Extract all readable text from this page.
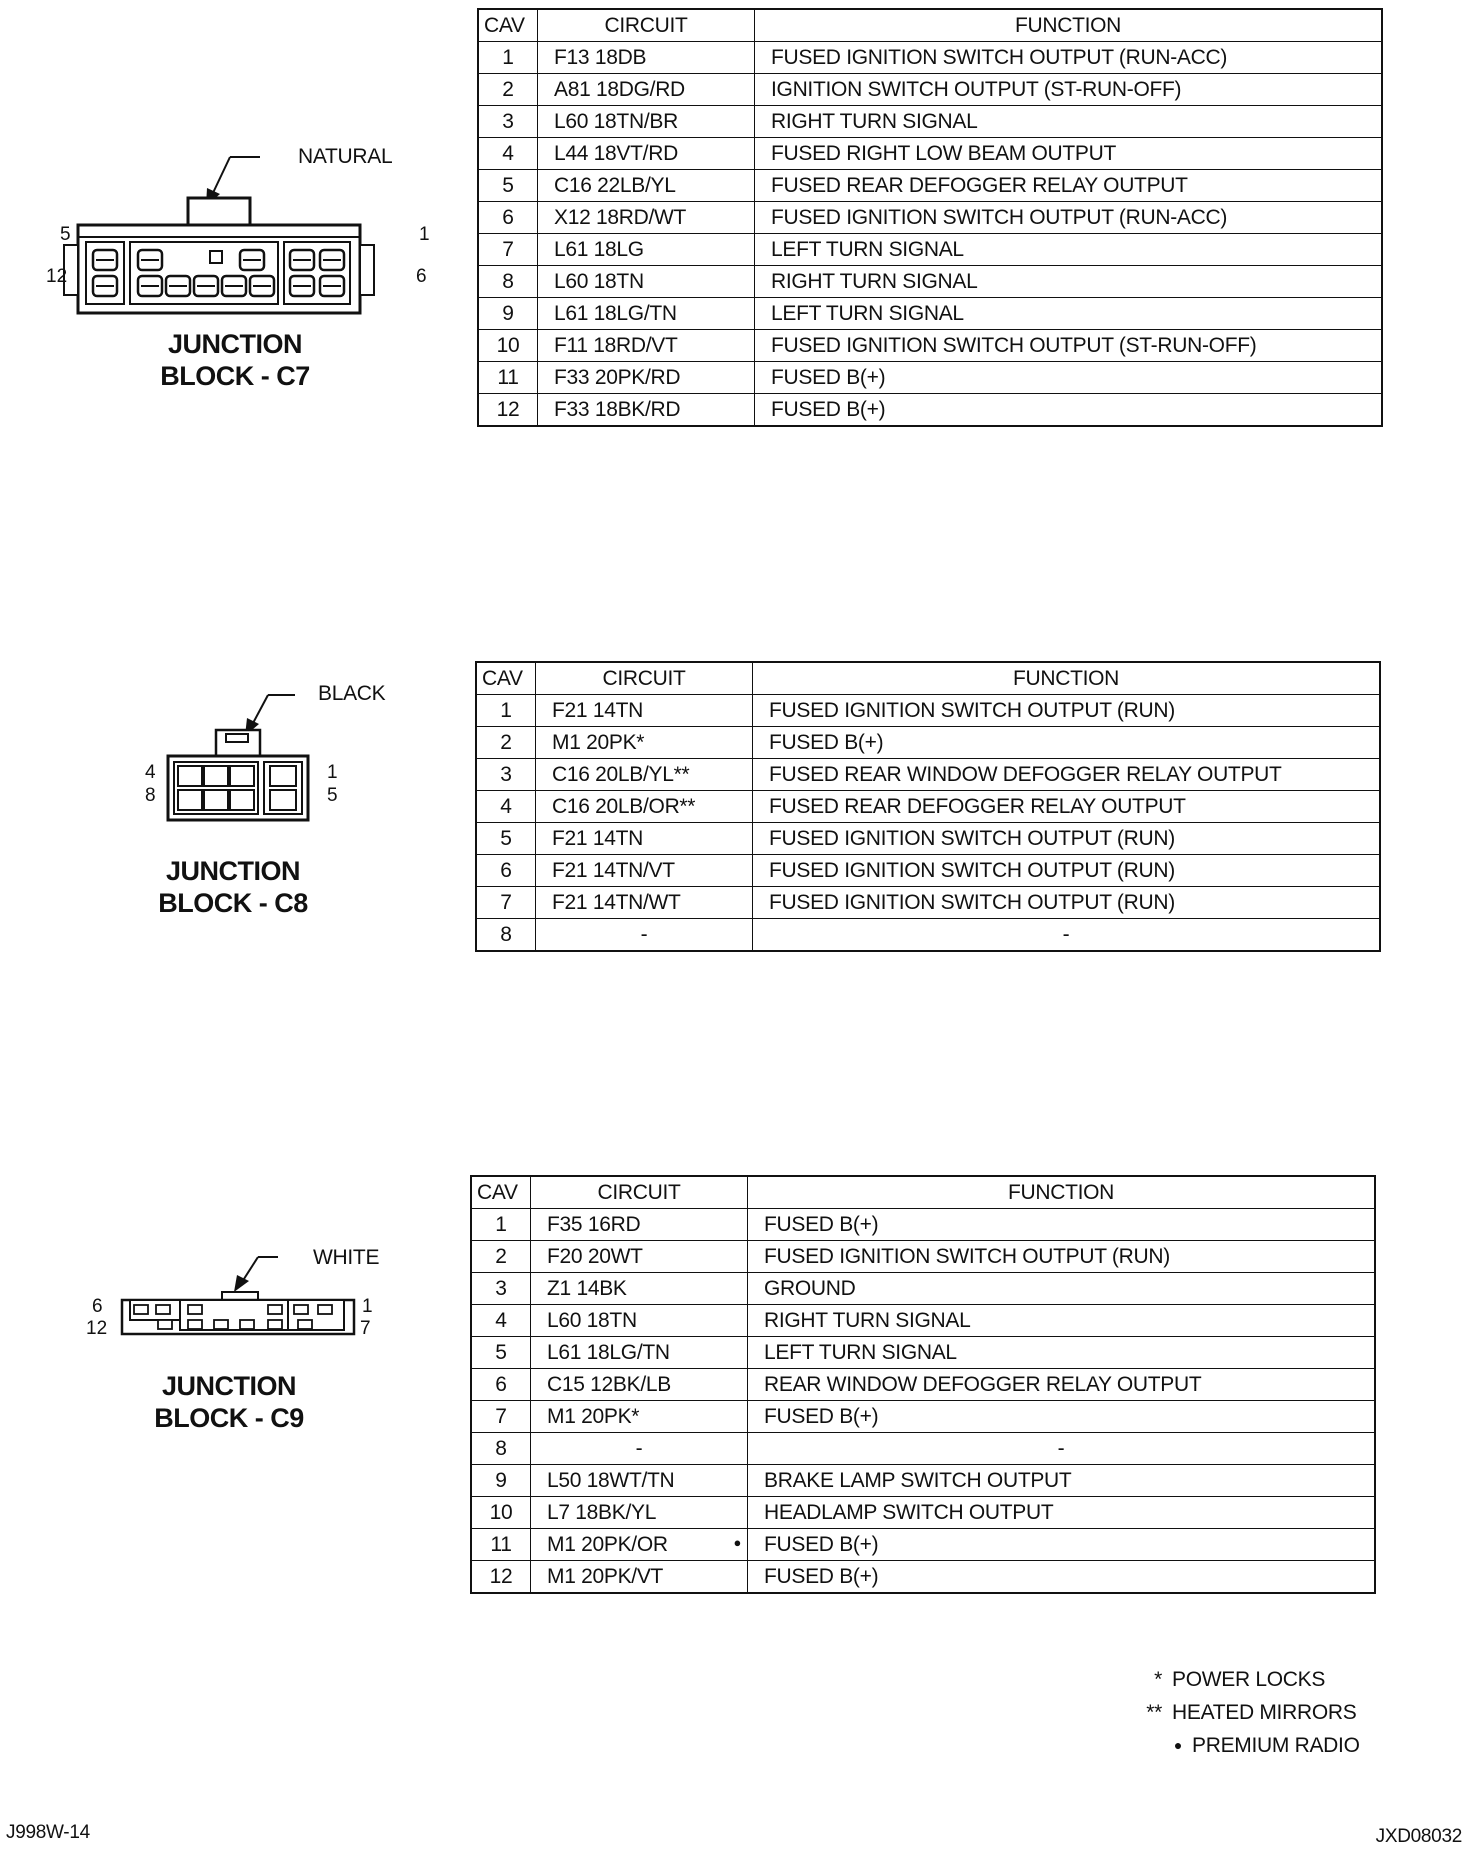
NATURAL
5
12
1
6
JUNCTION
BLOCK - C7
CAV	CIRCUIT	FUNCTION
1	F13 18DB	FUSED IGNITION SWITCH OUTPUT (RUN-ACC)
2	A81 18DG/RD	IGNITION SWITCH OUTPUT (ST-RUN-OFF)
3	L60 18TN/BR	RIGHT TURN SIGNAL
4	L44 18VT/RD	FUSED RIGHT LOW BEAM OUTPUT
5	C16 22LB/YL	FUSED REAR DEFOGGER RELAY OUTPUT
6	X12 18RD/WT	FUSED IGNITION SWITCH OUTPUT (RUN-ACC)
7	L61 18LG	LEFT TURN SIGNAL
8	L60 18TN	RIGHT TURN SIGNAL
9	L61 18LG/TN	LEFT TURN SIGNAL
10	F11 18RD/VT	FUSED IGNITION SWITCH OUTPUT (ST-RUN-OFF)
11	F33 20PK/RD	FUSED B(+)
12	F33 18BK/RD	FUSED B(+)
BLACK
4
8
1
5
JUNCTION
BLOCK - C8
CAV	CIRCUIT	FUNCTION
1	F21 14TN	FUSED IGNITION SWITCH OUTPUT (RUN)
2	M1 20PK*	FUSED B(+)
3	C16 20LB/YL**	FUSED REAR WINDOW DEFOGGER RELAY OUTPUT
4	C16 20LB/OR**	FUSED REAR DEFOGGER RELAY OUTPUT
5	F21 14TN	FUSED IGNITION SWITCH OUTPUT (RUN)
6	F21 14TN/VT	FUSED IGNITION SWITCH OUTPUT (RUN)
7	F21 14TN/WT	FUSED IGNITION SWITCH OUTPUT (RUN)
8	-	-
WHITE
6
12
1
7
JUNCTION
BLOCK - C9
CAV	CIRCUIT	FUNCTION
1	F35 16RD	FUSED B(+)
2	F20 20WT	FUSED IGNITION SWITCH OUTPUT (RUN)
3	Z1 14BK	GROUND
4	L60 18TN	RIGHT TURN SIGNAL
5	L61 18LG/TN	LEFT TURN SIGNAL
6	C15 12BK/LB	REAR WINDOW DEFOGGER RELAY OUTPUT
7	M1 20PK*	FUSED B(+)
8	-	-
9	L50 18WT/TN	BRAKE LAMP SWITCH OUTPUT
10	L7 18BK/YL	HEADLAMP SWITCH OUTPUT
11	M1 20PK/OR ●	FUSED B(+)
12	M1 20PK/VT	FUSED B(+)
* POWER LOCKS
** HEATED MIRRORS
● PREMIUM RADIO
J998W-14	JXD08032
